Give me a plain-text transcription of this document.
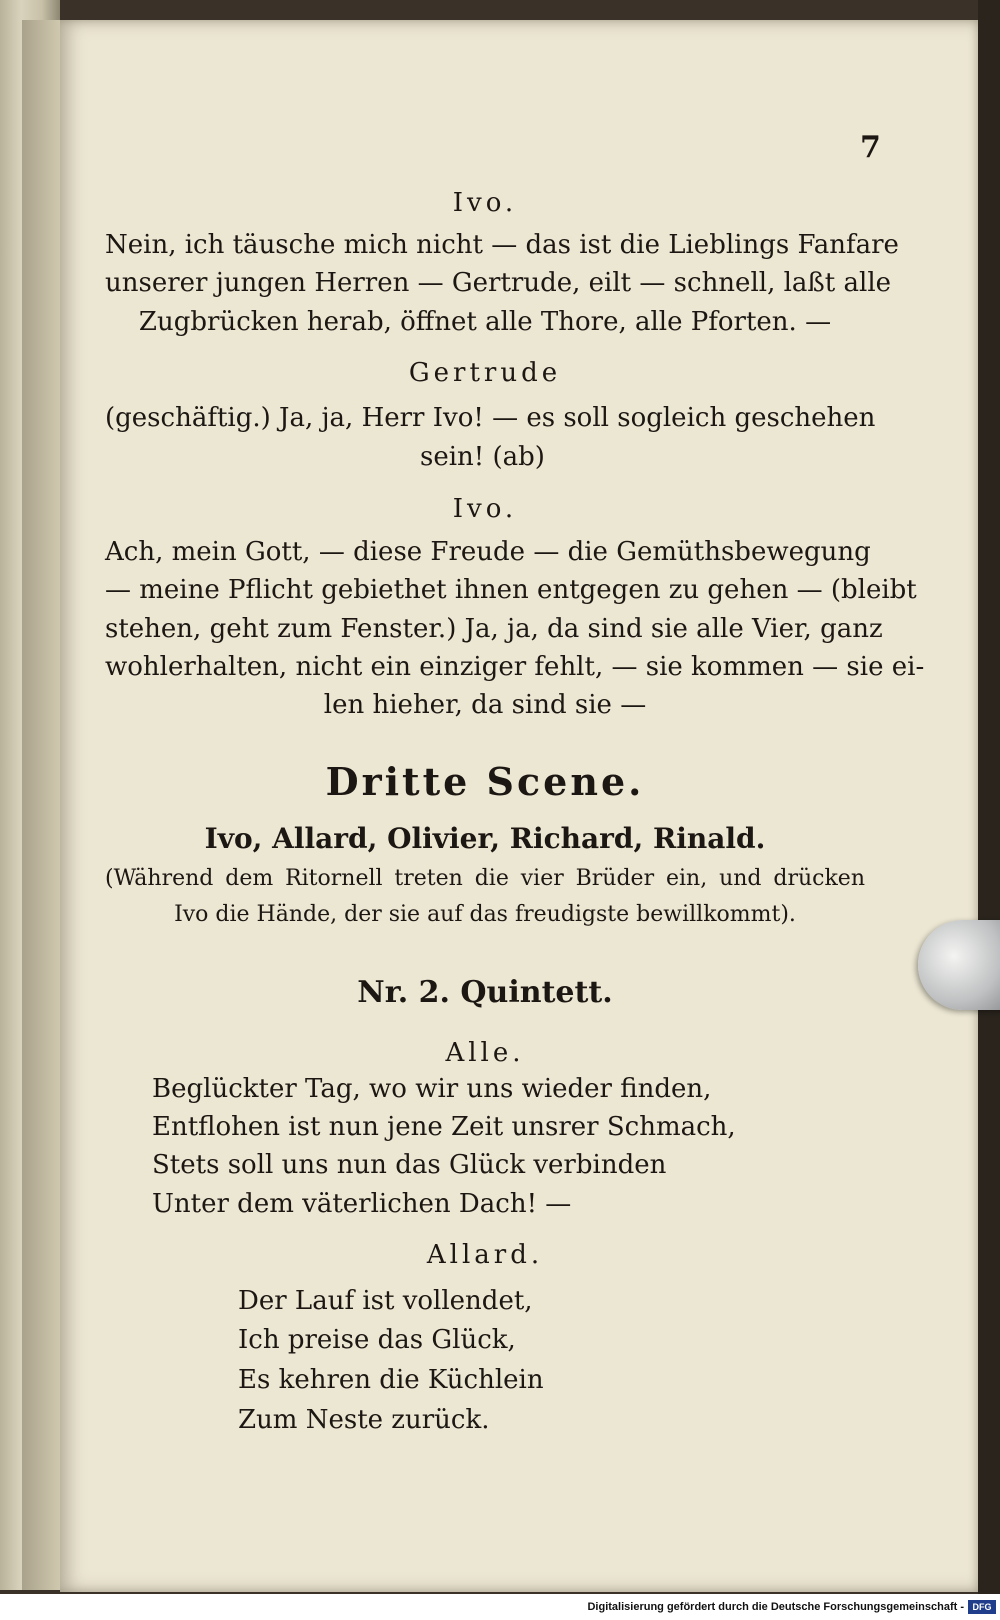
7
Ivo.
Nein, ich täusche mich nicht — das ist die Lieblings Fanfare
unserer jungen Herren — Gertrude, eilt — schnell, laßt alle
Zugbrücken herab, öffnet alle Thore, alle Pforten. —
Gertrude
(geschäftig.) Ja, ja, Herr Ivo! — es soll sogleich geschehen
sein! (ab)
Ivo.
Ach, mein Gott, — diese Freude — die Gemüthsbewegung
— meine Pflicht gebiethet ihnen entgegen zu gehen — (bleibt
stehen, geht zum Fenster.) Ja, ja, da sind sie alle Vier, ganz
wohlerhalten, nicht ein einziger fehlt, — sie kommen — sie ei-
len hieher, da sind sie —
Dritte Scene.
Ivo, Allard, Olivier, Richard, Rinald.
(Während dem Ritornell treten die vier Brüder ein, und drücken
Ivo die Hände, der sie auf das freudigste bewillkommt).
Nr. 2. Quintett.
Alle.
Beglückter Tag, wo wir uns wieder finden,
Entflohen ist nun jene Zeit unsrer Schmach,
Stets soll uns nun das Glück verbinden
Unter dem väterlichen Dach! —
Allard.
Der Lauf ist vollendet,
Ich preise das Glück,
Es kehren die Küchlein
Zum Neste zurück.
Digitalisierung gefördert durch die Deutsche Forschungsgemeinschaft - DFG
